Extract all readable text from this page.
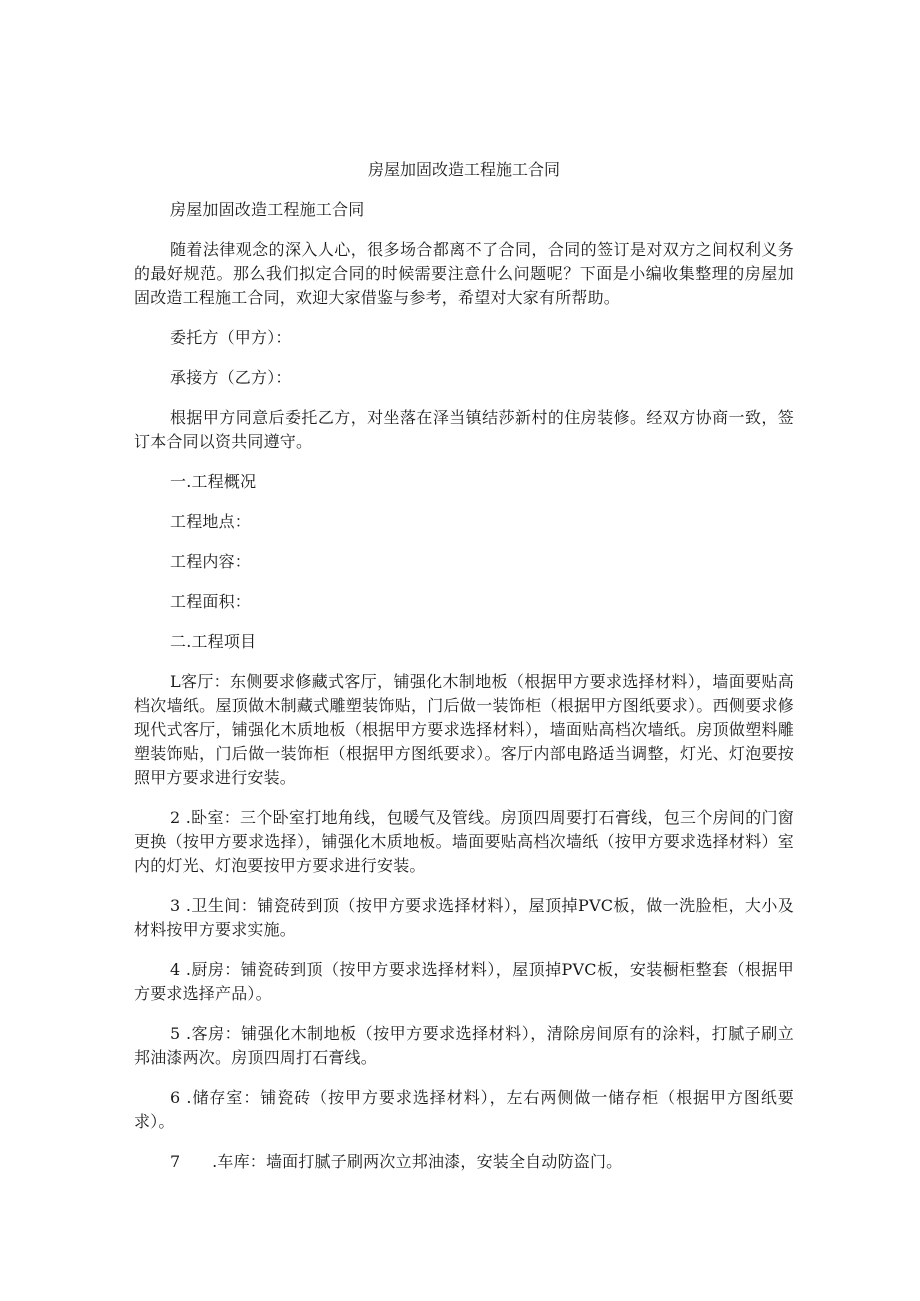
房屋加固改造工程施工合同

房屋加固改造工程施工合同

随着法律观念的深入人心，很多场合都离不了合同，合同的签订是对双方之间权利义务的最好规范。那么我们拟定合同的时候需要注意什么问题呢？下面是小编收集整理的房屋加固改造工程施工合同，欢迎大家借鉴与参考，希望对大家有所帮助。

委托方（甲方）：

承接方（乙方）：

根据甲方同意后委托乙方，对坐落在泽当镇结莎新村的住房装修。经双方协商一致，签订本合同以资共同遵守。

一.工程概况

工程地点：

工程内容：

工程面积：

二.工程项目

L客厅：东侧要求修藏式客厅，铺强化木制地板（根据甲方要求选择材料），墙面要贴高档次墙纸。屋顶做木制藏式雕塑装饰贴，门后做一装饰柜（根据甲方图纸要求）。西侧要求修现代式客厅，铺强化木质地板（根据甲方要求选择材料），墙面贴高档次墙纸。房顶做塑料雕塑装饰贴，门后做一装饰柜（根据甲方图纸要求）。客厅内部电路适当调整，灯光、灯泡要按照甲方要求进行安装。

2 .卧室：三个卧室打地角线，包暖气及管线。房顶四周要打石膏线，包三个房间的门窗更换（按甲方要求选择），铺强化木质地板。墙面要贴高档次墙纸（按甲方要求选择材料）室内的灯光、灯泡要按甲方要求进行安装。

3 .卫生间：铺瓷砖到顶（按甲方要求选择材料），屋顶掉PVC板，做一洗脸柜，大小及材料按甲方要求实施。

4 .厨房：铺瓷砖到顶（按甲方要求选择材料），屋顶掉PVC板，安装橱柜整套（根据甲方要求选择产品）。

5 .客房：铺强化木制地板（按甲方要求选择材料），清除房间原有的涂料，打腻子刷立邦油漆两次。房顶四周打石膏线。

6 .储存室：铺瓷砖（按甲方要求选择材料），左右两侧做一储存柜（根据甲方图纸要求）。

7      .车库：墙面打腻子刷两次立邦油漆，安装全自动防盗门。
